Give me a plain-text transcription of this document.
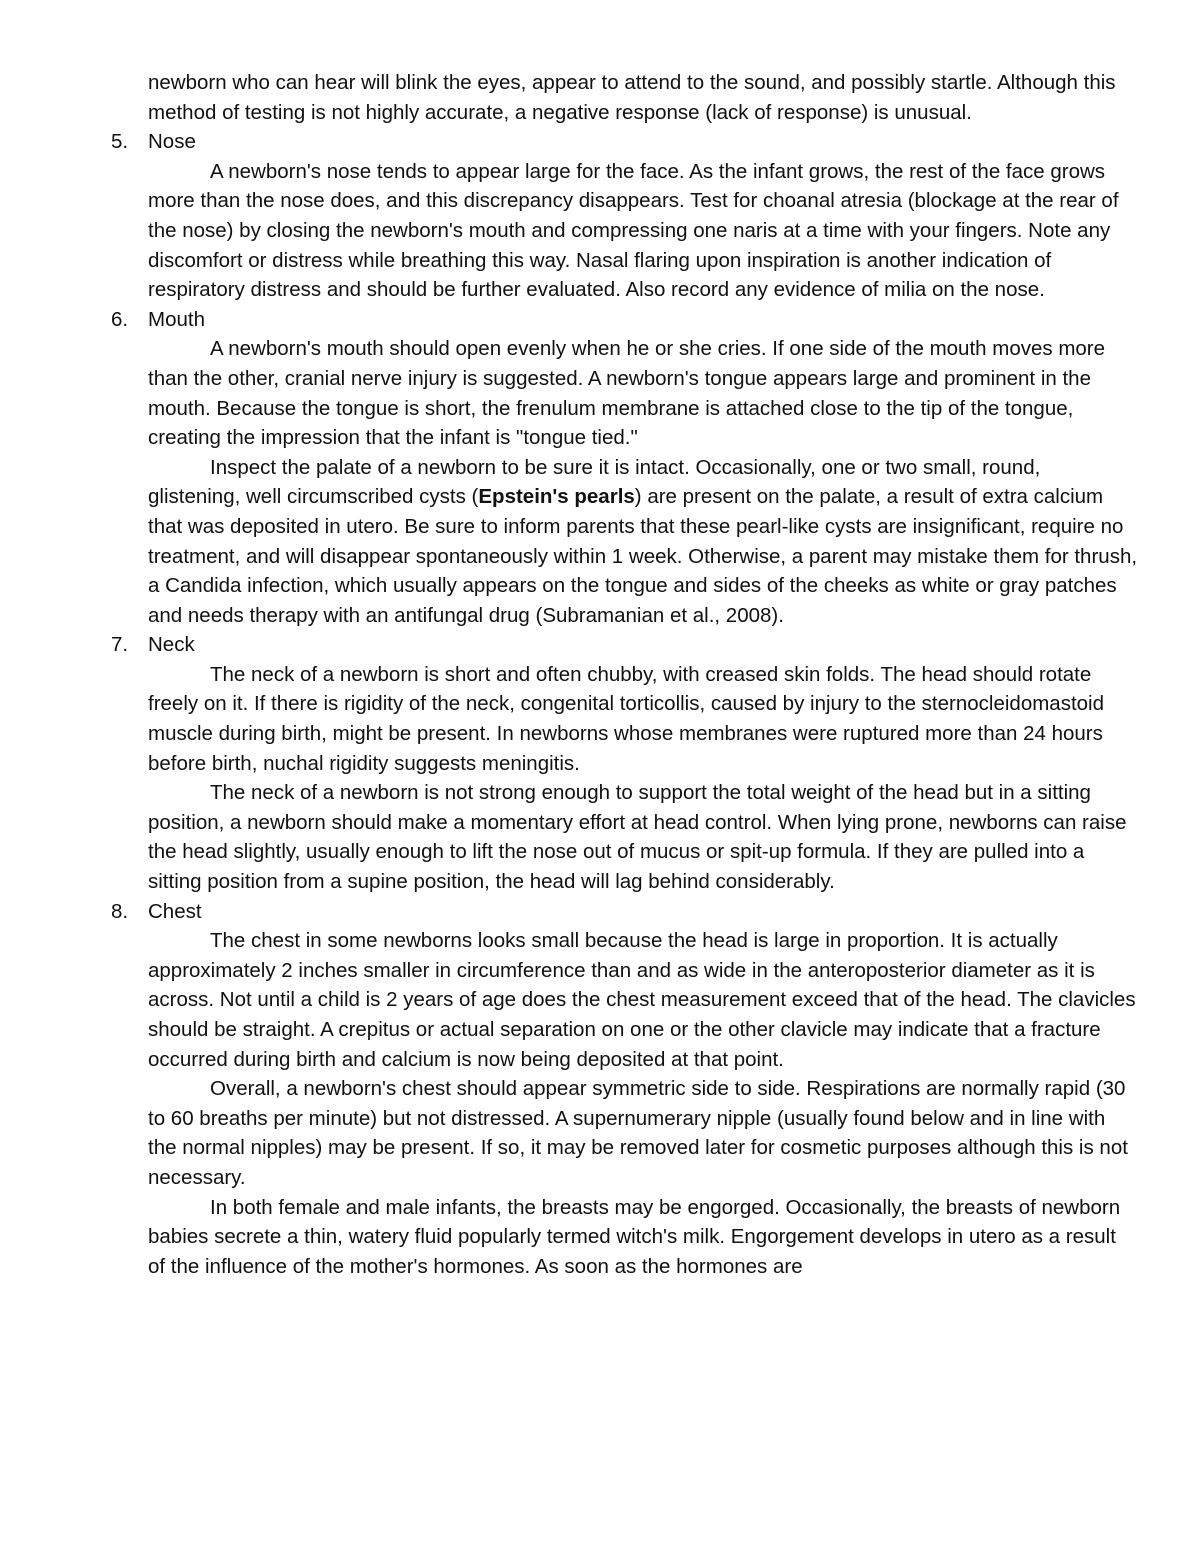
newborn who can hear will blink the eyes, appear to attend to the sound, and possibly startle. Although this method of testing is not highly accurate, a negative response (lack of response) is unusual.

5. Nose

A newborn's nose tends to appear large for the face. As the infant grows, the rest of the face grows more than the nose does, and this discrepancy disappears. Test for choanal atresia (blockage at the rear of the nose) by closing the newborn's mouth and compressing one naris at a time with your fingers. Note any discomfort or distress while breathing this way. Nasal flaring upon inspiration is another indication of respiratory distress and should be further evaluated. Also record any evidence of milia on the nose.

6. Mouth

A newborn's mouth should open evenly when he or she cries. If one side of the mouth moves more than the other, cranial nerve injury is suggested. A newborn's tongue appears large and prominent in the mouth. Because the tongue is short, the frenulum membrane is attached close to the tip of the tongue, creating the impression that the infant is "tongue tied."

Inspect the palate of a newborn to be sure it is intact. Occasionally, one or two small, round, glistening, well circumscribed cysts (Epstein's pearls) are present on the palate, a result of extra calcium that was deposited in utero. Be sure to inform parents that these pearl-like cysts are insignificant, require no treatment, and will disappear spontaneously within 1 week. Otherwise, a parent may mistake them for thrush, a Candida infection, which usually appears on the tongue and sides of the cheeks as white or gray patches and needs therapy with an antifungal drug (Subramanian et al., 2008).

7. Neck

The neck of a newborn is short and often chubby, with creased skin folds. The head should rotate freely on it. If there is rigidity of the neck, congenital torticollis, caused by injury to the sternocleidomastoid muscle during birth, might be present. In newborns whose membranes were ruptured more than 24 hours before birth, nuchal rigidity suggests meningitis.

The neck of a newborn is not strong enough to support the total weight of the head but in a sitting position, a newborn should make a momentary effort at head control. When lying prone, newborns can raise the head slightly, usually enough to lift the nose out of mucus or spit-up formula. If they are pulled into a sitting position from a supine position, the head will lag behind considerably.

8. Chest

The chest in some newborns looks small because the head is large in proportion. It is actually approximately 2 inches smaller in circumference than and as wide in the anteroposterior diameter as it is across. Not until a child is 2 years of age does the chest measurement exceed that of the head. The clavicles should be straight. A crepitus or actual separation on one or the other clavicle may indicate that a fracture occurred during birth and calcium is now being deposited at that point.

Overall, a newborn's chest should appear symmetric side to side. Respirations are normally rapid (30 to 60 breaths per minute) but not distressed. A supernumerary nipple (usually found below and in line with the normal nipples) may be present. If so, it may be removed later for cosmetic purposes although this is not necessary.

In both female and male infants, the breasts may be engorged. Occasionally, the breasts of newborn babies secrete a thin, watery fluid popularly termed witch's milk. Engorgement develops in utero as a result of the influence of the mother's hormones. As soon as the hormones are
